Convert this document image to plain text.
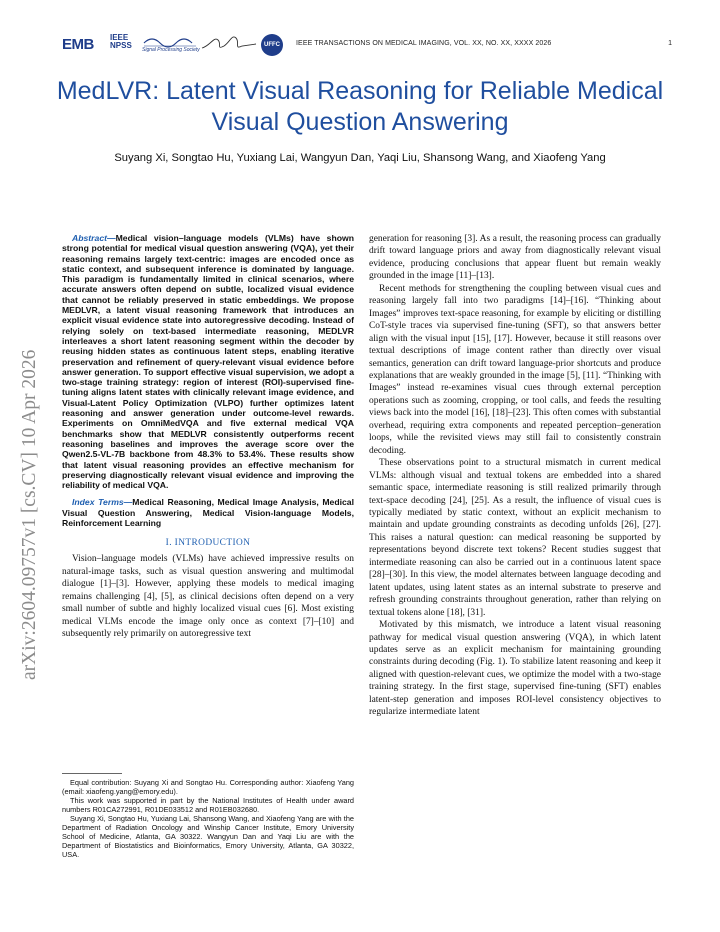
EMB IEEE
NPSS Signal Processing Society
UFFC	IEEE TRANSACTIONS ON MEDICAL IMAGING, VOL. XX, NO. XX, XXXX 2026	1
MedLVR: Latent Visual Reasoning for Reliable Medical Visual Question Answering
Suyang Xi, Songtao Hu, Yuxiang Lai, Wangyun Dan, Yaqi Liu, Shansong Wang, and Xiaofeng Yang
arXiv:2604.09757v1 [cs.CV] 10 Apr 2026

Abstract—Medical vision–language models (VLMs) have shown strong potential for medical visual question answering (VQA), yet their reasoning remains largely text-centric: images are encoded once as static context, and subsequent inference is dominated by language. This paradigm is fundamentally limited in clinical scenarios, where accurate answers often depend on subtle, localized visual evidence that cannot be reliably preserved in static embeddings. We propose MEDLVR, a latent visual reasoning framework that introduces an explicit visual evidence state into autoregressive decoding. Instead of relying solely on text-based intermediate reasoning, MEDLVR interleaves a short latent reasoning segment within the decoder by reusing hidden states as continuous latent steps, enabling iterative preservation and refinement of query-relevant visual evidence before answer generation. To support effective visual supervision, we adopt a two-stage training strategy: region of interest (ROI)-supervised fine-tuning aligns latent states with clinically relevant image evidence, and Visual-Latent Policy Optimization (VLPO) further optimizes latent reasoning and answer generation under outcome-level rewards. Experiments on OmniMedVQA and five external medical VQA benchmarks show that MEDLVR consistently outperforms recent reasoning baselines and improves the average score over the Qwen2.5-VL-7B backbone from 48.3% to 53.4%. These results show that latent visual reasoning provides an effective mechanism for preserving diagnostically relevant visual evidence and improving the reliability of medical VQA.

Index Terms—Medical Reasoning, Medical Image Analysis, Medical Visual Question Answering, Medical Vision-language Models, Reinforcement Learning

I. INTRODUCTION

Vision–language models (VLMs) have achieved impressive results on natural-image tasks, such as visual question answering and multimodal dialogue [1]–[3]. However, applying these models to medical imaging remains challenging [4], [5], as clinical decisions often depend on a very small number of subtle and highly localized visual cues [6]. Most existing medical VLMs encode the image only once as context [7]–[10] and subsequently rely primarily on autoregressive text

Equal contribution: Suyang Xi and Songtao Hu. Corresponding author: Xiaofeng Yang (email: xiaofeng.yang@emory.edu).

This work was supported in part by the National Institutes of Health under award numbers R01CA272991, R01DE033512 and R01EB032680.

Suyang Xi, Songtao Hu, Yuxiang Lai, Shansong Wang, and Xiaofeng Yang are with the Department of Radiation Oncology and Winship Cancer Institute, Emory University School of Medicine, Atlanta, GA 30322. Wangyun Dan and Yaqi Liu are with the Department of Biostatistics and Bioinformatics, Emory University, Atlanta, GA 30322, USA.

generation for reasoning [3]. As a result, the reasoning process can gradually drift toward language priors and away from diagnostically relevant visual evidence, producing conclusions that appear fluent but remain weakly grounded in the image [11]–[13].

Recent methods for strengthening the coupling between visual cues and reasoning largely fall into two paradigms [14]–[16]. “Thinking about Images” improves text-space reasoning, for example by eliciting or distilling CoT-style traces via supervised fine-tuning (SFT), so that answers better align with the visual input [15], [17]. However, because it still reasons over textual descriptions of image content rather than directly over visual semantics, generation can drift toward language-prior shortcuts and produce explanations that are weakly grounded in the image [5], [11]. “Thinking with Images” instead re-examines visual cues through external perception operations such as zooming, cropping, or tool calls, and feeds the resulting views back into the model [16], [18]–[23]. This often comes with substantial overhead, requiring extra components and repeated perception–generation loops, while the revisited views may still fail to consistently constrain decoding.

These observations point to a structural mismatch in current medical VLMs: although visual and textual tokens are embedded into a shared semantic space, intermediate reasoning is still realized primarily through text-space decoding [24], [25]. As a result, the influence of visual cues is typically mediated by static context, without an explicit mechanism to maintain and update grounding constraints as decoding unfolds [26], [27]. This raises a natural question: can medical reasoning be supported by representations beyond discrete text tokens? Recent studies suggest that intermediate reasoning can also be carried out in a continuous latent space [28]–[30]. In this view, the model alternates between language decoding and latent updates, using latent states as an internal substrate to preserve and refresh grounding constraints throughout generation, rather than relying on textual tokens alone [18], [31].

Motivated by this mismatch, we introduce a latent visual reasoning pathway for medical visual question answering (VQA), in which latent updates serve as an explicit mechanism for maintaining grounding constraints during decoding (Fig. 1). To stabilize latent reasoning and keep it aligned with question-relevant cues, we optimize the model with a two-stage training strategy. In the first stage, supervised fine-tuning (SFT) enables latent-step generation and imposes ROI-level consistency objectives to regularize intermediate latent
